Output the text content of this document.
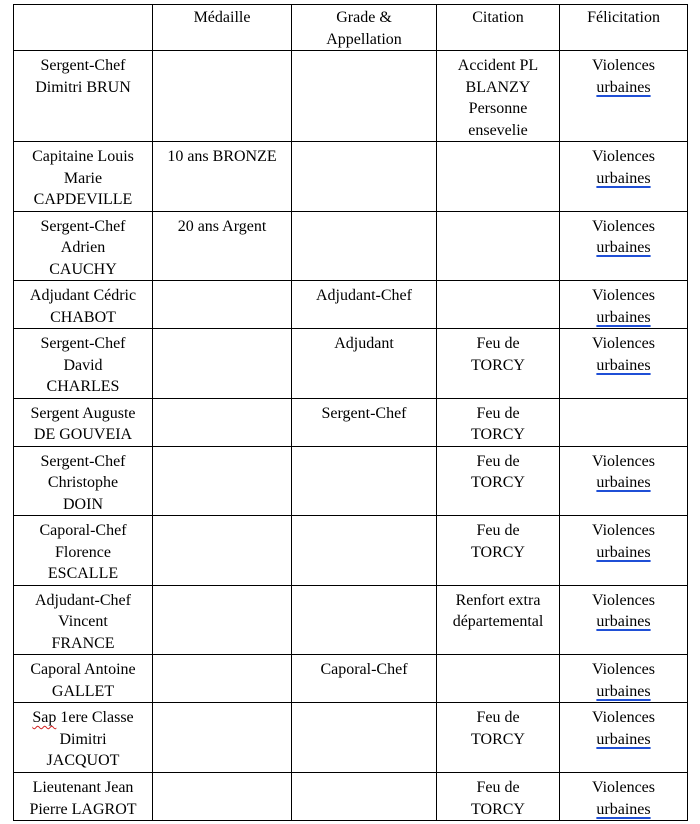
	Médaille	Grade &
Appellation	Citation	Félicitation

Sergent-Chef
Dimitri BRUN			Accident PL
BLANZY
Personne
ensevelie	Violences
urbaines

Capitaine Louis
Marie
CAPDEVILLE	10 ans BRONZE			Violences
urbaines

Sergent-Chef
Adrien
CAUCHY	20 ans Argent			Violences
urbaines

Adjudant Cédric
CHABOT		Adjudant-Chef		Violences
urbaines

Sergent-Chef
David
CHARLES		Adjudant	Feu de
TORCY	Violences
urbaines

Sergent Auguste
DE GOUVEIA		Sergent-Chef	Feu de
TORCY	

Sergent-Chef
Christophe
DOIN			Feu de
TORCY	Violences
urbaines

Caporal-Chef
Florence
ESCALLE			Feu de
TORCY	Violences
urbaines

Adjudant-Chef
Vincent
FRANCE			Renfort extra
départemental	Violences
urbaines

Caporal Antoine
GALLET		Caporal-Chef		Violences
urbaines

Sap 1ere Classe
Dimitri
JACQUOT			Feu de
TORCY	Violences
urbaines

Lieutenant Jean
Pierre LAGROT			Feu de
TORCY	Violences
urbaines
